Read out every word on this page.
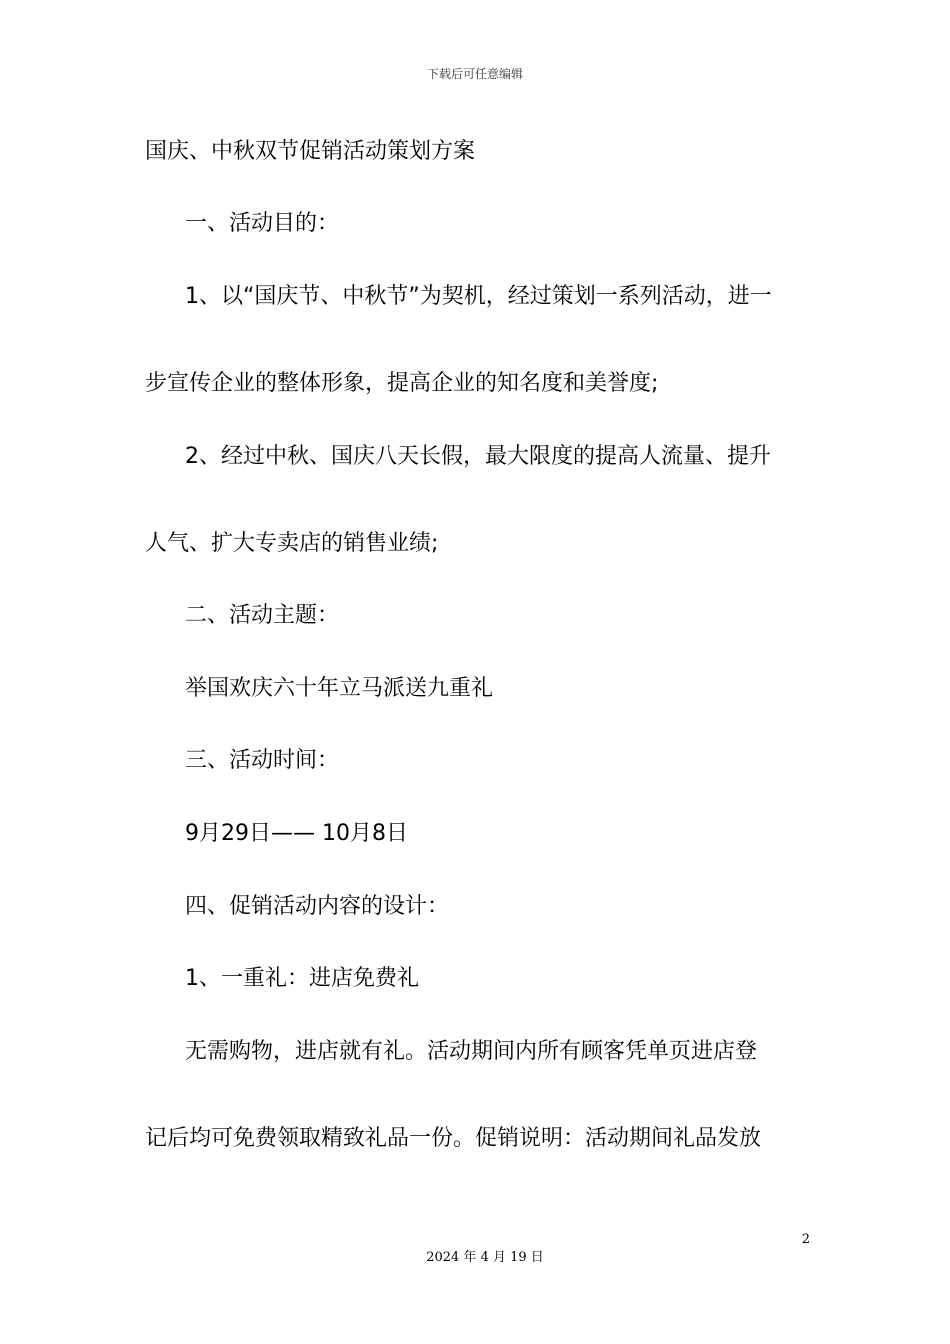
下载后可任意编辑
国庆、中秋双节促销活动策划方案
一、活动目的：
1、以“国庆节、中秋节”为契机，经过策划一系列活动，进一
步宣传企业的整体形象，提高企业的知名度和美誉度;
2、经过中秋、国庆八天长假，最大限度的提高人流量、提升
人气、扩大专卖店的销售业绩;
二、活动主题：
举国欢庆六十年立马派送九重礼
三、活动时间：
9月29日—— 10月8日
四、促销活动内容的设计：
1、一重礼：进店免费礼
无需购物，进店就有礼。活动期间内所有顾客凭单页进店登
记后均可免费领取精致礼品一份。促销说明：活动期间礼品发放
2
2024 年 4 月 19 日
